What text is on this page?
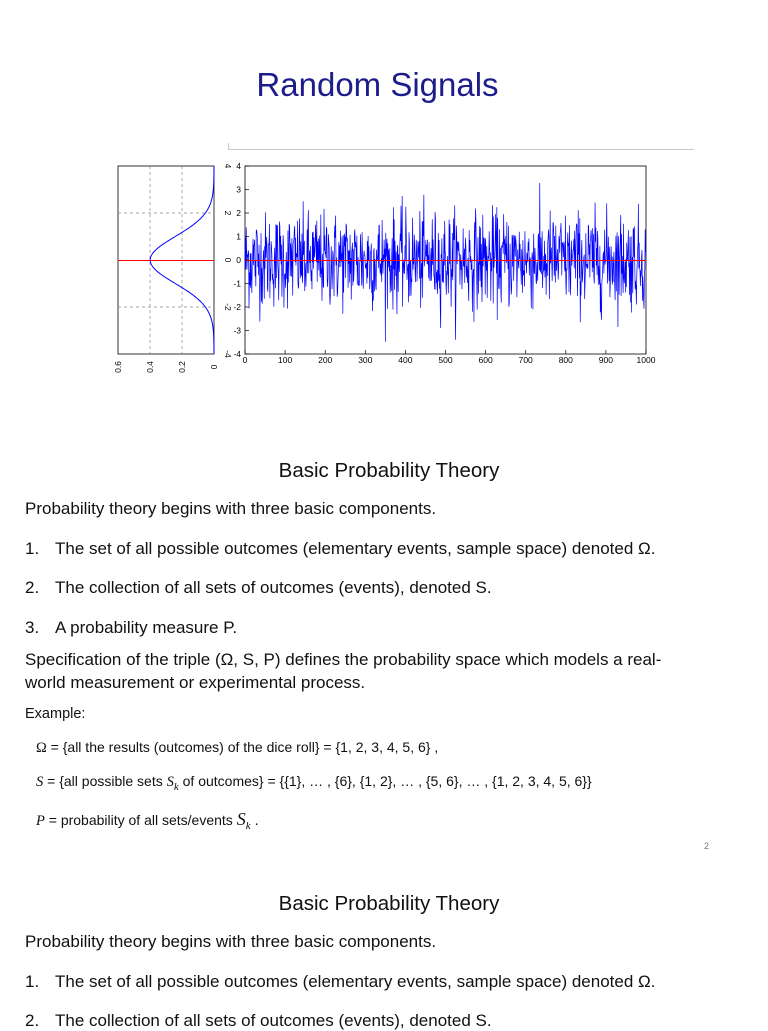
Random Signals
0.6	0.4	0.2	0
4
2
0
-2
-4
0	100	200	300	400	500	600	700	800	900	1000
4
3
2
1
0
-1
-2
-3
-4
Basic Probability Theory
Probability theory begins with three basic components.
1. The set of all possible outcomes (elementary events, sample space) denoted Ω.
2. The collection of all sets of outcomes (events), denoted S.
3. A probability measure P.
Specification of the triple (Ω, S, P) defines the probability space which models a real-
world measurement or experimental process.
Example:
Ω = {all the results (outcomes) of the dice roll} = {1, 2, 3, 4, 5, 6} ,
S = {all possible sets $S_k$ of outcomes} = {{1}, … , {6}, {1, 2}, … , {5, 6}, … , {1, 2, 3, 4, 5, 6}}
P = probability of all sets/events $S_k$ .
2
Basic Probability Theory
Probability theory begins with three basic components.
1. The set of all possible outcomes (elementary events, sample space) denoted Ω.
2. The collection of all sets of outcomes (events), denoted S.
